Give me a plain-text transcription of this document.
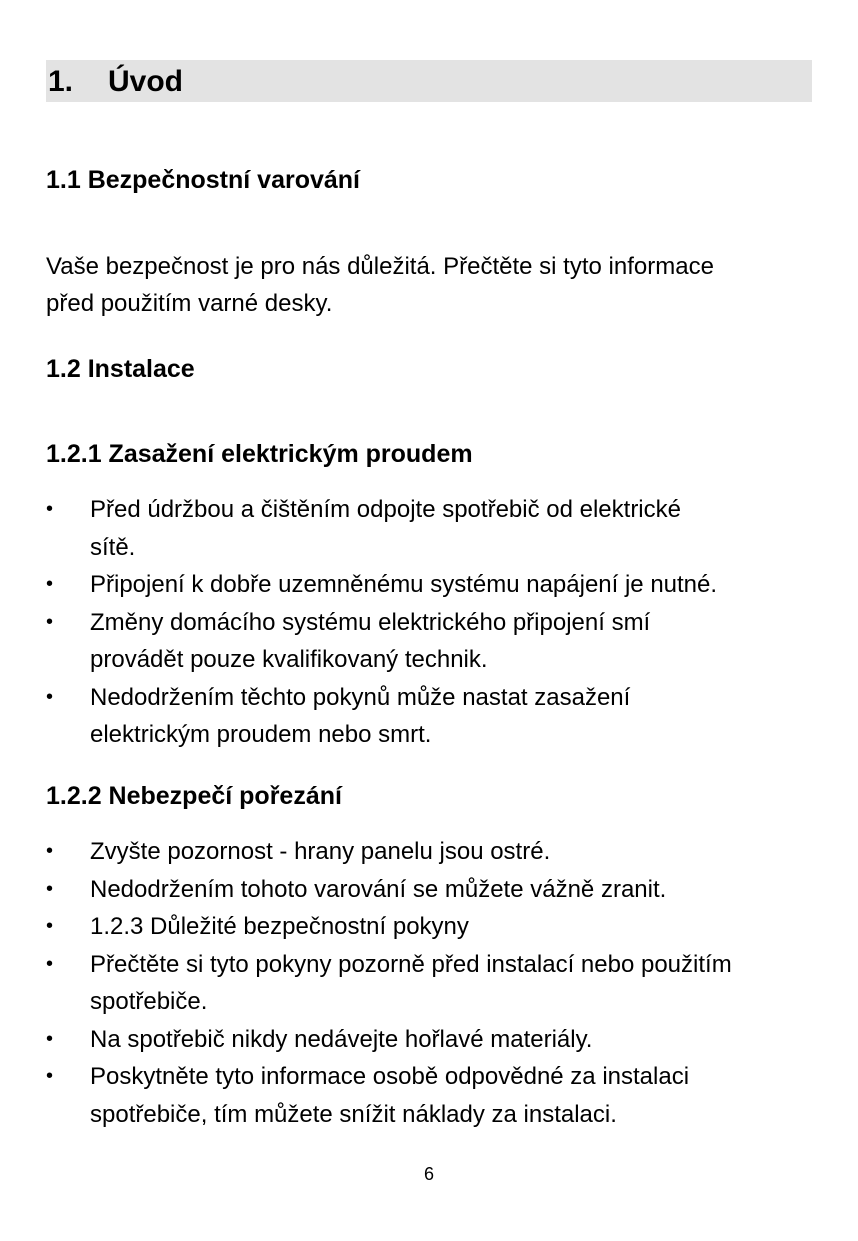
1. Úvod
1.1 Bezpečnostní varování
Vaše bezpečnost je pro nás důležitá. Přečtěte si tyto informace
před použitím varné desky.
1.2 Instalace
1.2.1 Zasažení elektrickým proudem
•	Před údržbou a čištěním odpojte spotřebič od elektrické
sítě.
•	Připojení k dobře uzemněnému systému napájení je nutné.
•	Změny domácího systému elektrického připojení smí
provádět pouze kvalifikovaný technik.
•	Nedodržením těchto pokynů může nastat zasažení
elektrickým proudem nebo smrt.
1.2.2 Nebezpečí pořezání
•	Zvyšte pozornost - hrany panelu jsou ostré.
•	Nedodržením tohoto varování se můžete vážně zranit.
•	1.2.3 Důležité bezpečnostní pokyny
•	Přečtěte si tyto pokyny pozorně před instalací nebo použitím
spotřebiče.
•	Na spotřebič nikdy nedávejte hořlavé materiály.
•	Poskytněte tyto informace osobě odpovědné za instalaci
spotřebiče, tím můžete snížit náklady za instalaci.
6
